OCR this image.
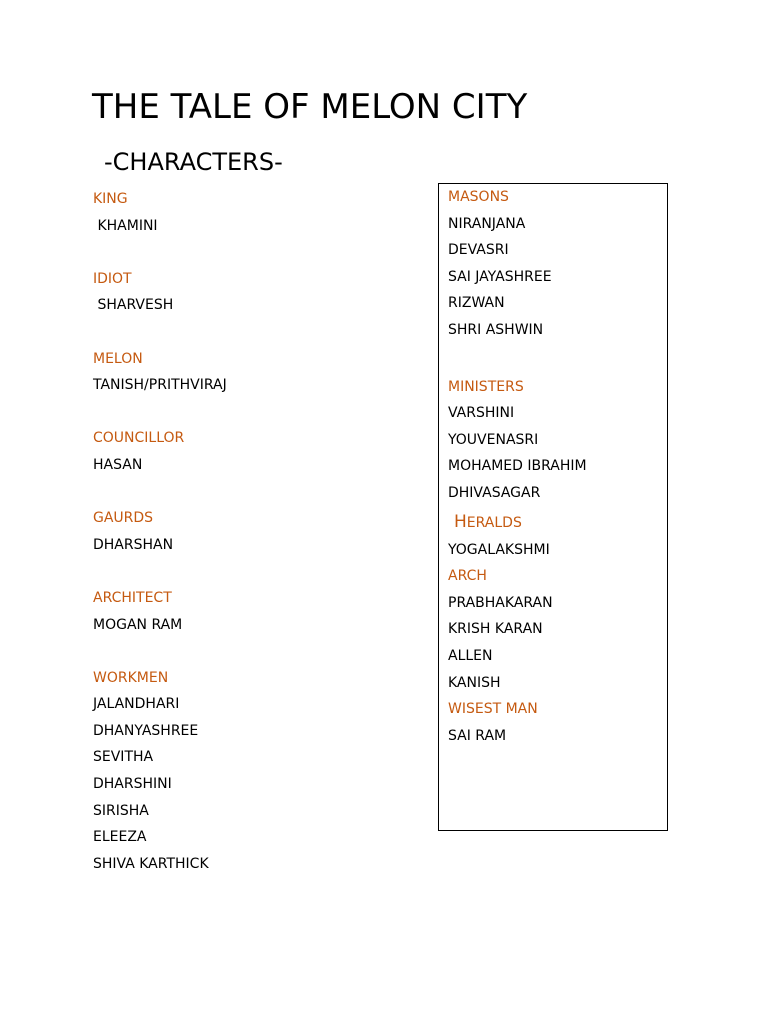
THE TALE OF MELON CITY
-CHARACTERS-
KING
KHAMINI
IDIOT
SHARVESH
MELON
TANISH/PRITHVIRAJ
COUNCILLOR
HASAN
GAURDS
DHARSHAN
ARCHITECT
MOGAN RAM
WORKMEN
JALANDHARI
DHANYASHREE
SEVITHA
DHARSHINI
SIRISHA
ELEEZA
SHIVA KARTHICK
MASONS
NIRANJANA
DEVASRI
SAI JAYASHREE
RIZWAN
SHRI ASHWIN
MINISTERS
VARSHINI
YOUVENASRI
MOHAMED IBRAHIM
DHIVASAGAR
HERALDS
YOGALAKSHMI
ARCH
PRABHAKARAN
KRISH KARAN
ALLEN
KANISH
WISEST MAN
SAI RAM
